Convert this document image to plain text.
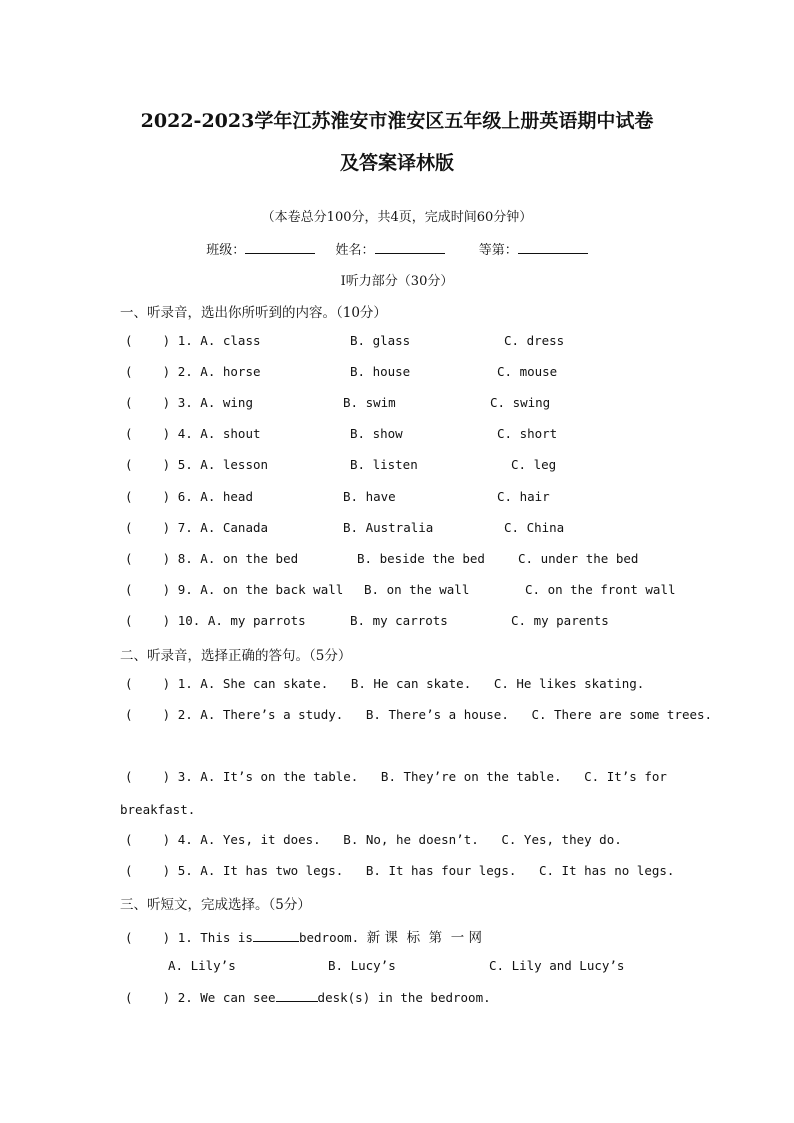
2022-2023学年江苏淮安市淮安区五年级上册英语期中试卷
及答案译林版
（本卷总分100分，共4页，完成时间60分钟）
班级：	姓名：	等第：
I听力部分（30分）
一、听录音，选出你所听到的内容。（10分）
( ) 1. A. class	B. glass	C. dress
( ) 2. A. horse	B. house	C. mouse
( ) 3. A. wing	B. swim	C. swing
( ) 4. A. shout	B. show	C. short
( ) 5. A. lesson	B. listen	C. leg
( ) 6. A. head	B. have	C. hair
( ) 7. A. Canada	B. Australia	C. China
( ) 8. A. on the bed	B. beside the bed	C. under the bed
( ) 9. A. on the back wall B. on the wall	C. on the front wall
( ) 10. A. my parrots	B. my carrots	C. my parents
二、听录音，选择正确的答句。（5分）
( ) 1. A. She can skate. B. He can skate. C. He likes skating.
( ) 2. A. There’s a study. B. There’s a house. C. There are some trees.
( ) 3. A. It’s on the table. B. They’re on the table. C. It’s for
breakfast.
( ) 4. A. Yes, it does. B. No, he doesn’t. C. Yes, they do.
( ) 5. A. It has two legs. B. It has four legs. C. It has no legs.
三、听短文，完成选择。（5分）
( ) 1. This is	bedroom. 新 课  标  第  一 网
A. Lily’s	B. Lucy’s	C. Lily and Lucy’s
( ) 2. We can see	desk(s) in the bedroom.
